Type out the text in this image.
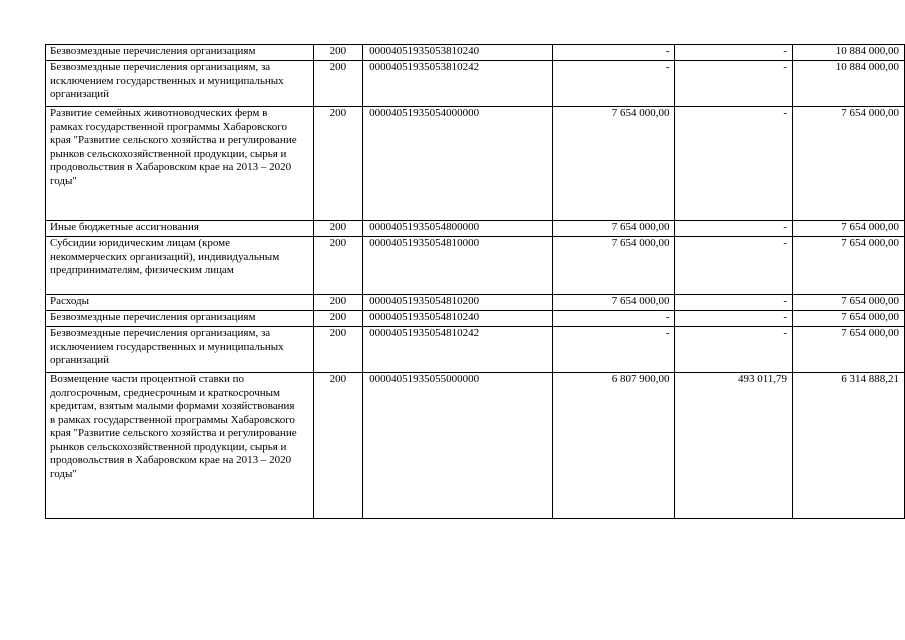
Безвозмездные перечисления организациям	200	00004051935053810240	-	-	10 884 000,00
Безвозмездные перечисления организациям, за исключением государственных и муниципальных организаций	200	00004051935053810242	-	-	10 884 000,00
Развитие семейных животноводческих ферм в рамках государственной программы Хабаровского края "Развитие сельского хозяйства и регулирование рынков сельскохозяйственной продукции, сырья и продовольствия в Хабаровском крае на 2013 – 2020 годы"	200	00004051935054000000	7 654 000,00	-	7 654 000,00
Иные бюджетные ассигнования	200	00004051935054800000	7 654 000,00	-	7 654 000,00
Субсидии юридическим лицам (кроме некоммерческих организаций), индивидуальным предпринимателям, физическим лицам	200	00004051935054810000	7 654 000,00	-	7 654 000,00
Расходы	200	00004051935054810200	7 654 000,00	-	7 654 000,00
Безвозмездные перечисления организациям	200	00004051935054810240	-	-	7 654 000,00
Безвозмездные перечисления организациям, за исключением государственных и муниципальных организаций	200	00004051935054810242	-	-	7 654 000,00
Возмещение части процентной ставки по долгосрочным, среднесрочным и краткосрочным кредитам, взятым малыми формами хозяйствования в рамках государственной программы Хабаровского края "Развитие сельского хозяйства и регулирование рынков сельскохозяйственной продукции, сырья и продовольствия в Хабаровском крае на 2013 – 2020 годы"	200	00004051935055000000	6 807 900,00	493 011,79	6 314 888,21
